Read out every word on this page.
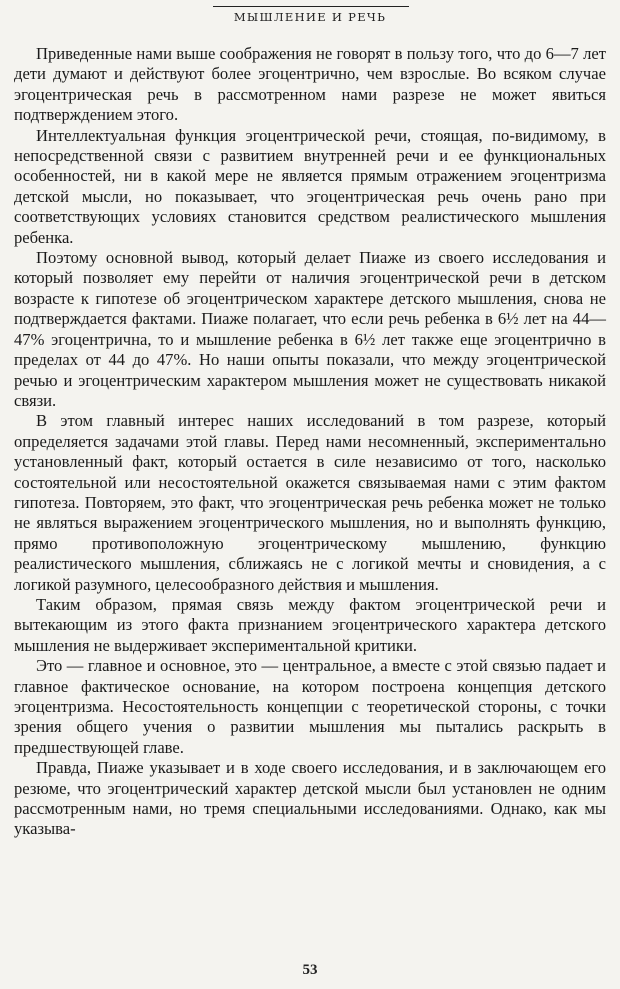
МЫШЛЕНИЕ И РЕЧЬ

Приведенные нами выше соображения не говорят в пользу того, что до 6—7 лет дети думают и действуют более эгоцентрично, чем взрослые. Во всяком случае эгоцентрическая речь в рассмотренном нами разрезе не может явиться подтверждением этого.

Интеллектуальная функция эгоцентрической речи, стоящая, по-видимому, в непосредственной связи с развитием внутренней речи и ее функциональных особенностей, ни в какой мере не является прямым отражением эгоцентризма детской мысли, но показывает, что эгоцентрическая речь очень рано при соответствующих условиях становится средством реалистического мышления ребенка.

Поэтому основной вывод, который делает Пиаже из своего исследования и который позволяет ему перейти от наличия эгоцентрической речи в детском возрасте к гипотезе об эгоцентрическом характере детского мышления, снова не подтверждается фактами. Пиаже полагает, что если речь ребенка в 6½ лет на 44—47% эгоцентрична, то и мышление ребенка в 6½ лет также еще эгоцентрично в пределах от 44 до 47%. Но наши опыты показали, что между эгоцентрической речью и эгоцентрическим характером мышления может не существовать никакой связи.

В этом главный интерес наших исследований в том разрезе, который определяется задачами этой главы. Перед нами несомненный, экспериментально установленный факт, который остается в силе независимо от того, насколько состоятельной или несостоятельной окажется связываемая нами с этим фактом гипотеза. Повторяем, это факт, что эгоцентрическая речь ребенка может не только не являться выражением эгоцентрического мышления, но и выполнять функцию, прямо противоположную эгоцентрическому мышлению, функцию реалистического мышления, сближаясь не с логикой мечты и сновидения, а с логикой разумного, целесообразного действия и мышления.

Таким образом, прямая связь между фактом эгоцентрической речи и вытекающим из этого факта признанием эгоцентрического характера детского мышления не выдерживает экспериментальной критики.

Это — главное и основное, это — центральное, а вместе с этой связью падает и главное фактическое основание, на котором построена концепция детского эгоцентризма. Несостоятельность концепции с теоретической стороны, с точки зрения общего учения о развитии мышления мы пытались раскрыть в предшествующей главе.

Правда, Пиаже указывает и в ходе своего исследования, и в заключающем его резюме, что эгоцентрический характер детской мысли был установлен не одним рассмотренным нами, но тремя специальными исследованиями. Однако, как мы указыва-

53
